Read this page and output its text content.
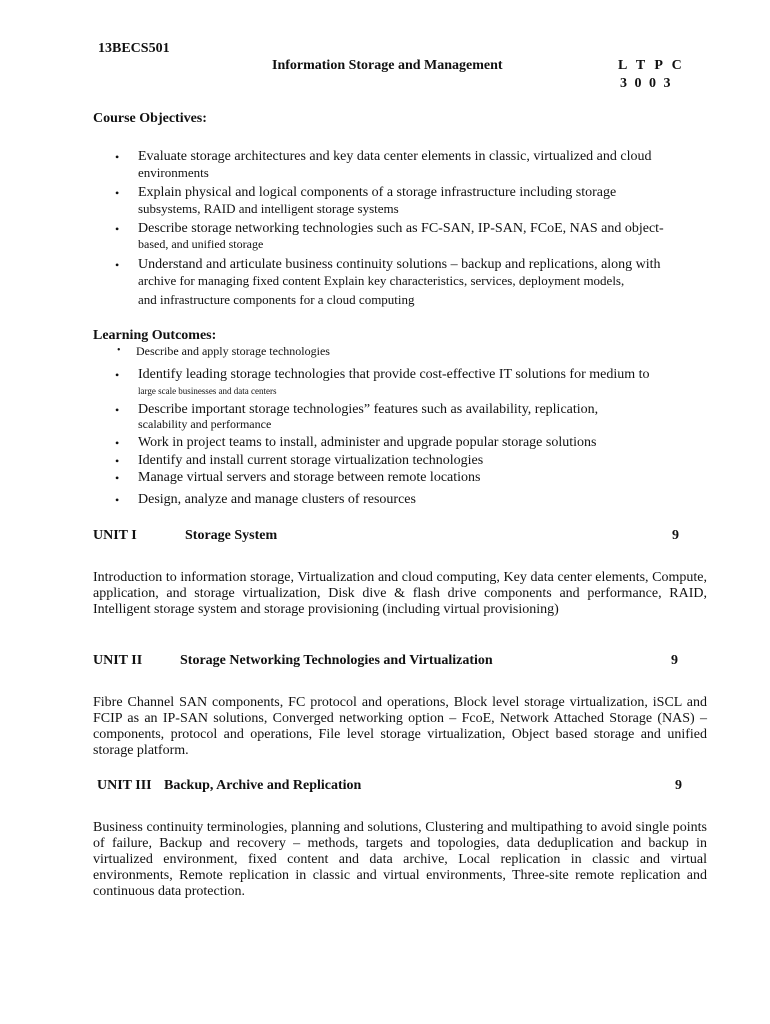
13BECS501
Information Storage and Management	L T P C
3 0 0 3
Course Objectives:
• Evaluate storage architectures and key data center elements in classic, virtualized and cloud
environments
• Explain physical and logical components of a storage infrastructure including storage
subsystems, RAID and intelligent storage systems
• Describe storage networking technologies such as FC-SAN, IP-SAN, FCoE, NAS and object-
based, and unified storage
• Understand and articulate business continuity solutions – backup and replications, along with
archive for managing fixed content Explain key characteristics, services, deployment models,
and infrastructure components for a cloud computing
Learning Outcomes:
• Describe and apply storage technologies
• Identify leading storage technologies that provide cost-effective IT solutions for medium to
large scale businesses and data centers
• Describe important storage technologies” features such as availability, replication,
scalability and performance
• Work in project teams to install, administer and upgrade popular storage solutions
• Identify and install current storage virtualization technologies
• Manage virtual servers and storage between remote locations
• Design, analyze and manage clusters of resources
UNIT I	Storage System	9
Introduction to information storage, Virtualization and cloud computing, Key data center elements, Compute, application, and storage virtualization, Disk dive & flash drive components and performance, RAID, Intelligent storage system and storage provisioning (including virtual provisioning)
UNIT II	Storage Networking Technologies and Virtualization	9
Fibre Channel SAN components, FC protocol and operations, Block level storage virtualization, iSCL and FCIP as an IP-SAN solutions, Converged networking option – FcoE, Network Attached Storage (NAS) – components, protocol and operations, File level storage virtualization, Object based storage and unified storage platform.
UNIT III Backup, Archive and Replication	9
Business continuity terminologies, planning and solutions, Clustering and multipathing to avoid single points of failure, Backup and recovery – methods, targets and topologies, data deduplication and backup in virtualized environment, fixed content and data archive, Local replication in classic and virtual environments, Remote replication in classic and virtual environments, Three-site remote replication and continuous data protection.
